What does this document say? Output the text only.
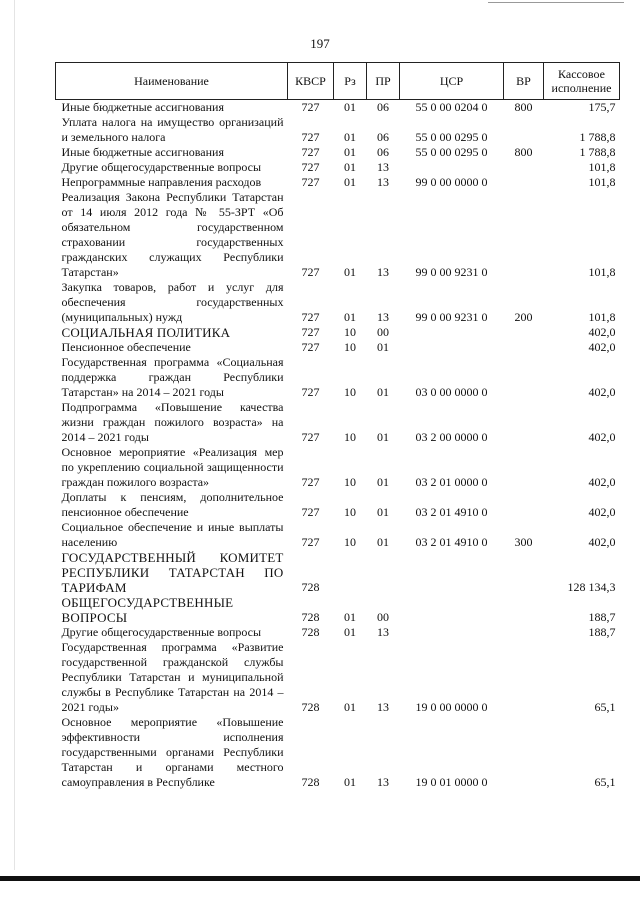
197
Наименование	КВСР	Рз	ПР	ЦСР	ВР	Кассовое исполнение
Иные бюджетные ассигнования	727	01	06	55 0 00 0204 0	800	175,7
Уплата налога на имущество организаций и земельного налога	727	01	06	55 0 00 0295 0		1 788,8
Иные бюджетные ассигнования	727	01	06	55 0 00 0295 0	800	1 788,8
Другие общегосударственные вопросы	727	01	13			101,8
Непрограммные направления расходов	727	01	13	99 0 00 0000 0		101,8
Реализация Закона Республики Татарстан от 14 июля 2012 года № 55-ЗРТ «Об обязательном государственном страховании государственных гражданских служащих Республики Татарстан»	727	01	13	99 0 00 9231 0		101,8
Закупка товаров, работ и услуг для обеспечения государственных (муниципальных) нужд	727	01	13	99 0 00 9231 0	200	101,8
СОЦИАЛЬНАЯ ПОЛИТИКА	727	10	00			402,0
Пенсионное обеспечение	727	10	01			402,0
Государственная программа «Социальная поддержка граждан Республики Татарстан» на 2014 – 2021 годы	727	10	01	03 0 00 0000 0		402,0
Подпрограмма «Повышение качества жизни граждан пожилого возраста» на 2014 – 2021 годы	727	10	01	03 2 00 0000 0		402,0
Основное мероприятие «Реализация мер по укреплению социальной защищенности граждан пожилого возраста»	727	10	01	03 2 01 0000 0		402,0
Доплаты к пенсиям, дополнительное пенсионное обеспечение	727	10	01	03 2 01 4910 0		402,0
Социальное обеспечение и иные выплаты населению	727	10	01	03 2 01 4910 0	300	402,0
ГОСУДАРСТВЕННЫЙ КОМИТЕТ РЕСПУБЛИКИ ТАТАРСТАН ПО ТАРИФАМ	728					128 134,3
ОБЩЕГОСУДАРСТВЕННЫЕ ВОПРОСЫ	728	01	00			188,7
Другие общегосударственные вопросы	728	01	13			188,7
Государственная программа «Развитие государственной гражданской службы Республики Татарстан и муниципальной службы в Республике Татарстан на 2014 – 2021 годы»	728	01	13	19 0 00 0000 0		65,1
Основное мероприятие «Повышение эффективности исполнения государственными органами Республики Татарстан и органами местного самоуправления в Республике	728	01	13	19 0 01 0000 0		65,1
